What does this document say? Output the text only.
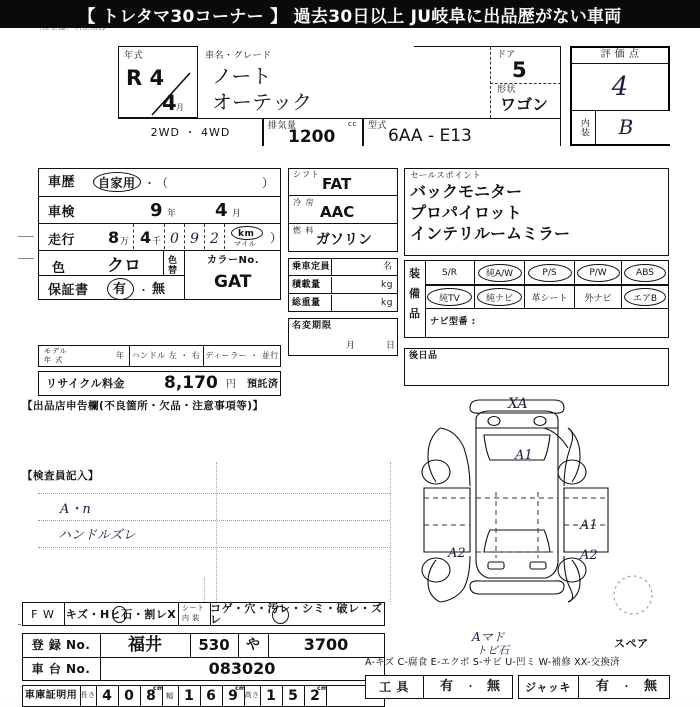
【 トレタマ30コーナー 】 過去30日以上 JU岐阜に出品歴がない車両
年式
R 4
4 月
車名・グレード
ノート
オーテック
ドア
5
形状
ワゴン
2WD ・ 4WD	排気量
1200
cc 型式 6AA - E13
評 価 点
4
内装	B
車歴 自家用 ・ （	）
車検	9 年 4 月
走行 8 万 4 千 0 9 2 km
マイル ）
色 クロ	色替
カラーNo.
GAT
保証書 有 ・ 無
モデル
年 式	年 ハンドル 左 ・ 右 ディーラー ・ 並行
リサイクル料金 8,170 円 預託済
【出品店申告欄(不良箇所・欠品・注意事項等)】
シフト
FAT
冷 房
AAC
燃 料
ガソリン
乗車定員	名
積載量	kg
総重量	kg
名変期限
月	日
セールスポイント
バックモニター
プロパイロット
インテリルームミラー
装
備
品
S/R	純A/W	P/S	P/W	ABS
純TV	純ナビ 革シート 外ナビ エアB
ナビ型番 :
後日品
【検査員記入】
A・n
ハンドルズレ
XA
A1
A1
A2
A2
Aマド
トビ石
スペア
F W キズ・Hヒ石・割レX シート
内 装
コゲ・穴・汚レ・シミ・破レ・ズレ
登 録 No.	福井	530	や	3700
車 台 No.	083020
車庫証明用 長さ 4 0 8
cm
幅 1 6 9
cm
高さ 1 5 2
cm
A-キズ C-腐食 E-エクボ S-サビ U-凹ミ W-補修 XX-交換済
工 具	有 ・ 無	ジャッキ	有 ・ 無
